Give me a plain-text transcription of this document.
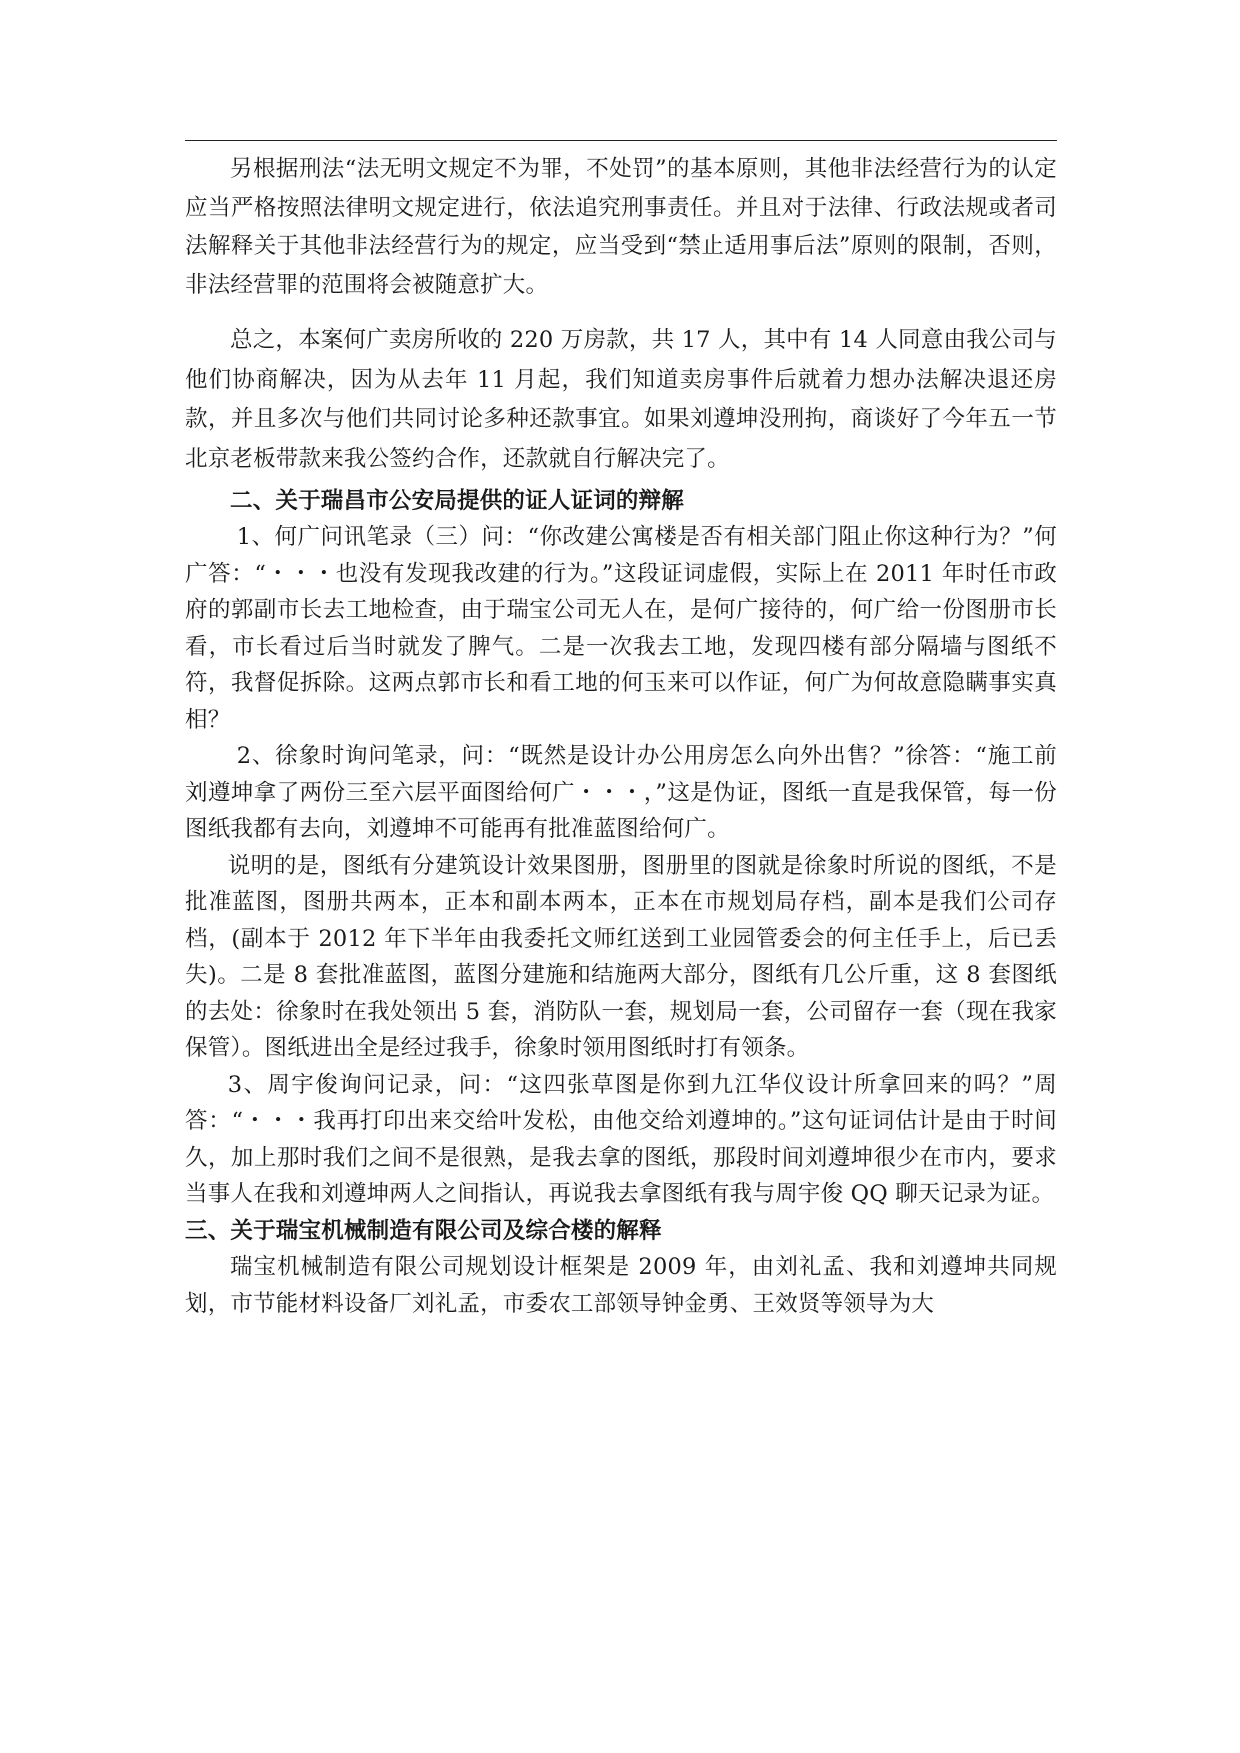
另根据刑法“法无明文规定不为罪，不处罚”的基本原则，其他非法经营行为的认定应当严格按照法律明文规定进行，依法追究刑事责任。并且对于法律、行政法规或者司法解释关于其他非法经营行为的规定，应当受到“禁止适用事后法”原则的限制，否则，非法经营罪的范围将会被随意扩大。

总之，本案何广卖房所收的 220 万房款，共 17 人，其中有 14 人同意由我公司与他们协商解决，因为从去年 11 月起，我们知道卖房事件后就着力想办法解决退还房款，并且多次与他们共同讨论多种还款事宜。如果刘遵坤没刑拘，商谈好了今年五一节北京老板带款来我公签约合作，还款就自行解决完了。

二、关于瑞昌市公安局提供的证人证词的辩解

1、何广问讯笔录（三）问：“你改建公寓楼是否有相关部门阻止你这种行为？”何广答：“・・・也没有发现我改建的行为。”这段证词虚假，实际上在 2011 年时任市政府的郭副市长去工地检查，由于瑞宝公司无人在，是何广接待的，何广给一份图册市长看，市长看过后当时就发了脾气。二是一次我去工地，发现四楼有部分隔墙与图纸不符，我督促拆除。这两点郭市长和看工地的何玉来可以作证，何广为何故意隐瞒事实真相？

2、徐象时询问笔录，问：“既然是设计办公用房怎么向外出售？”徐答：“施工前刘遵坤拿了两份三至六层平面图给何广・・・，”这是伪证，图纸一直是我保管，每一份图纸我都有去向，刘遵坤不可能再有批准蓝图给何广。

说明的是，图纸有分建筑设计效果图册，图册里的图就是徐象时所说的图纸，不是批准蓝图，图册共两本，正本和副本两本，正本在市规划局存档，副本是我们公司存档，(副本于 2012 年下半年由我委托文师红送到工业园管委会的何主任手上，后已丢失)。二是 8 套批准蓝图，蓝图分建施和结施两大部分，图纸有几公斤重，这 8 套图纸的去处：徐象时在我处领出 5 套，消防队一套，规划局一套，公司留存一套（现在我家保管）。图纸进出全是经过我手，徐象时领用图纸时打有领条。

3、周宇俊询问记录，问：“这四张草图是你到九江华仪设计所拿回来的吗？”周答：“・・・我再打印出来交给叶发松，由他交给刘遵坤的。”这句证词估计是由于时间久，加上那时我们之间不是很熟，是我去拿的图纸，那段时间刘遵坤很少在市内，要求当事人在我和刘遵坤两人之间指认，再说我去拿图纸有我与周宇俊 QQ 聊天记录为证。

三、关于瑞宝机械制造有限公司及综合楼的解释

瑞宝机械制造有限公司规划设计框架是 2009 年，由刘礼孟、我和刘遵坤共同规划，市节能材料设备厂刘礼孟，市委农工部领导钟金勇、王效贤等领导为大
